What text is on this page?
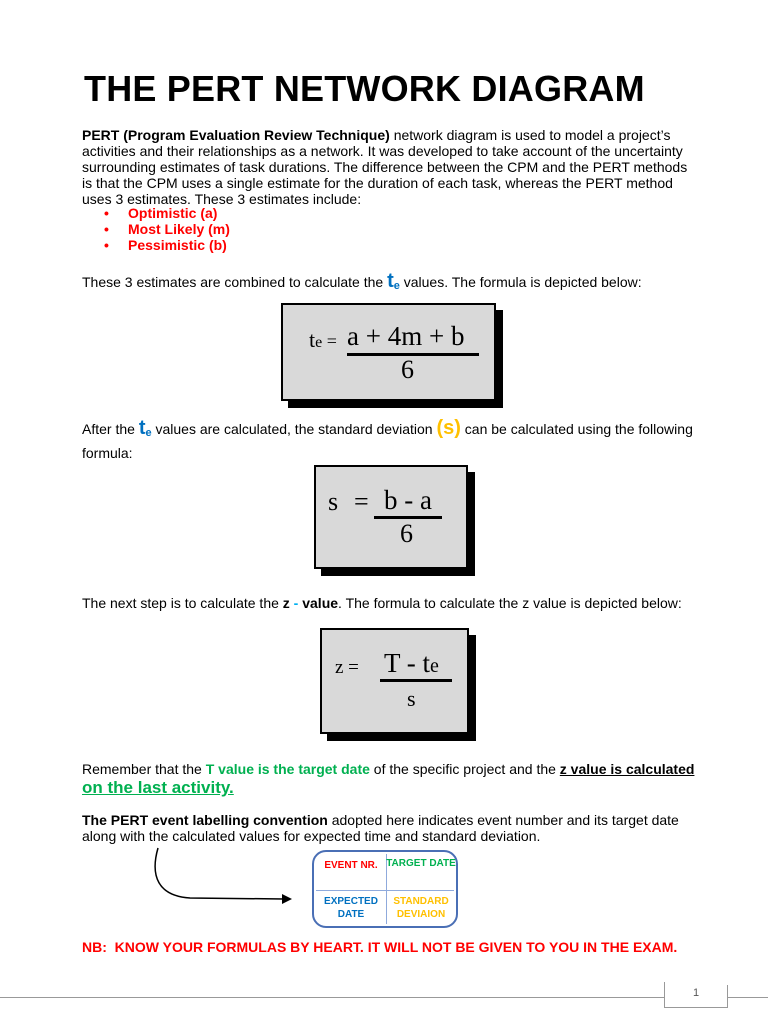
THE PERT NETWORK DIAGRAM
PERT (Program Evaluation Review Technique) network diagram is used to model a project’s activities and their relationships as a network. It was developed to take account of the uncertainty surrounding estimates of task durations. The difference between the CPM and the PERT methods is that the CPM uses a single estimate for the duration of each task, whereas the PERT method uses 3 estimates. These 3 estimates include:
• Optimistic (a)
• Most Likely (m)
• Pessimistic (b)
These 3 estimates are combined to calculate the $t_e$ values. The formula is depicted below:
te = a + 4m + b
6
After the $t_e$ values are calculated, the standard deviation (s) can be calculated using the following formula:
s = b - a
6
The next step is to calculate the z - value. The formula to calculate the z value is depicted below:
z = T - te
s
Remember that the T value is the target date of the specific project and the z value is calculated
on the last activity.
The PERT event labelling convention adopted here indicates event number and its target date along with the calculated values for expected time and standard deviation.
EVENT NR. TARGET DATE
EXPECTED DATE
STANDARD DEVIAION
NB:  KNOW YOUR FORMULAS BY HEART. IT WILL NOT BE GIVEN TO YOU IN THE EXAM.
1
